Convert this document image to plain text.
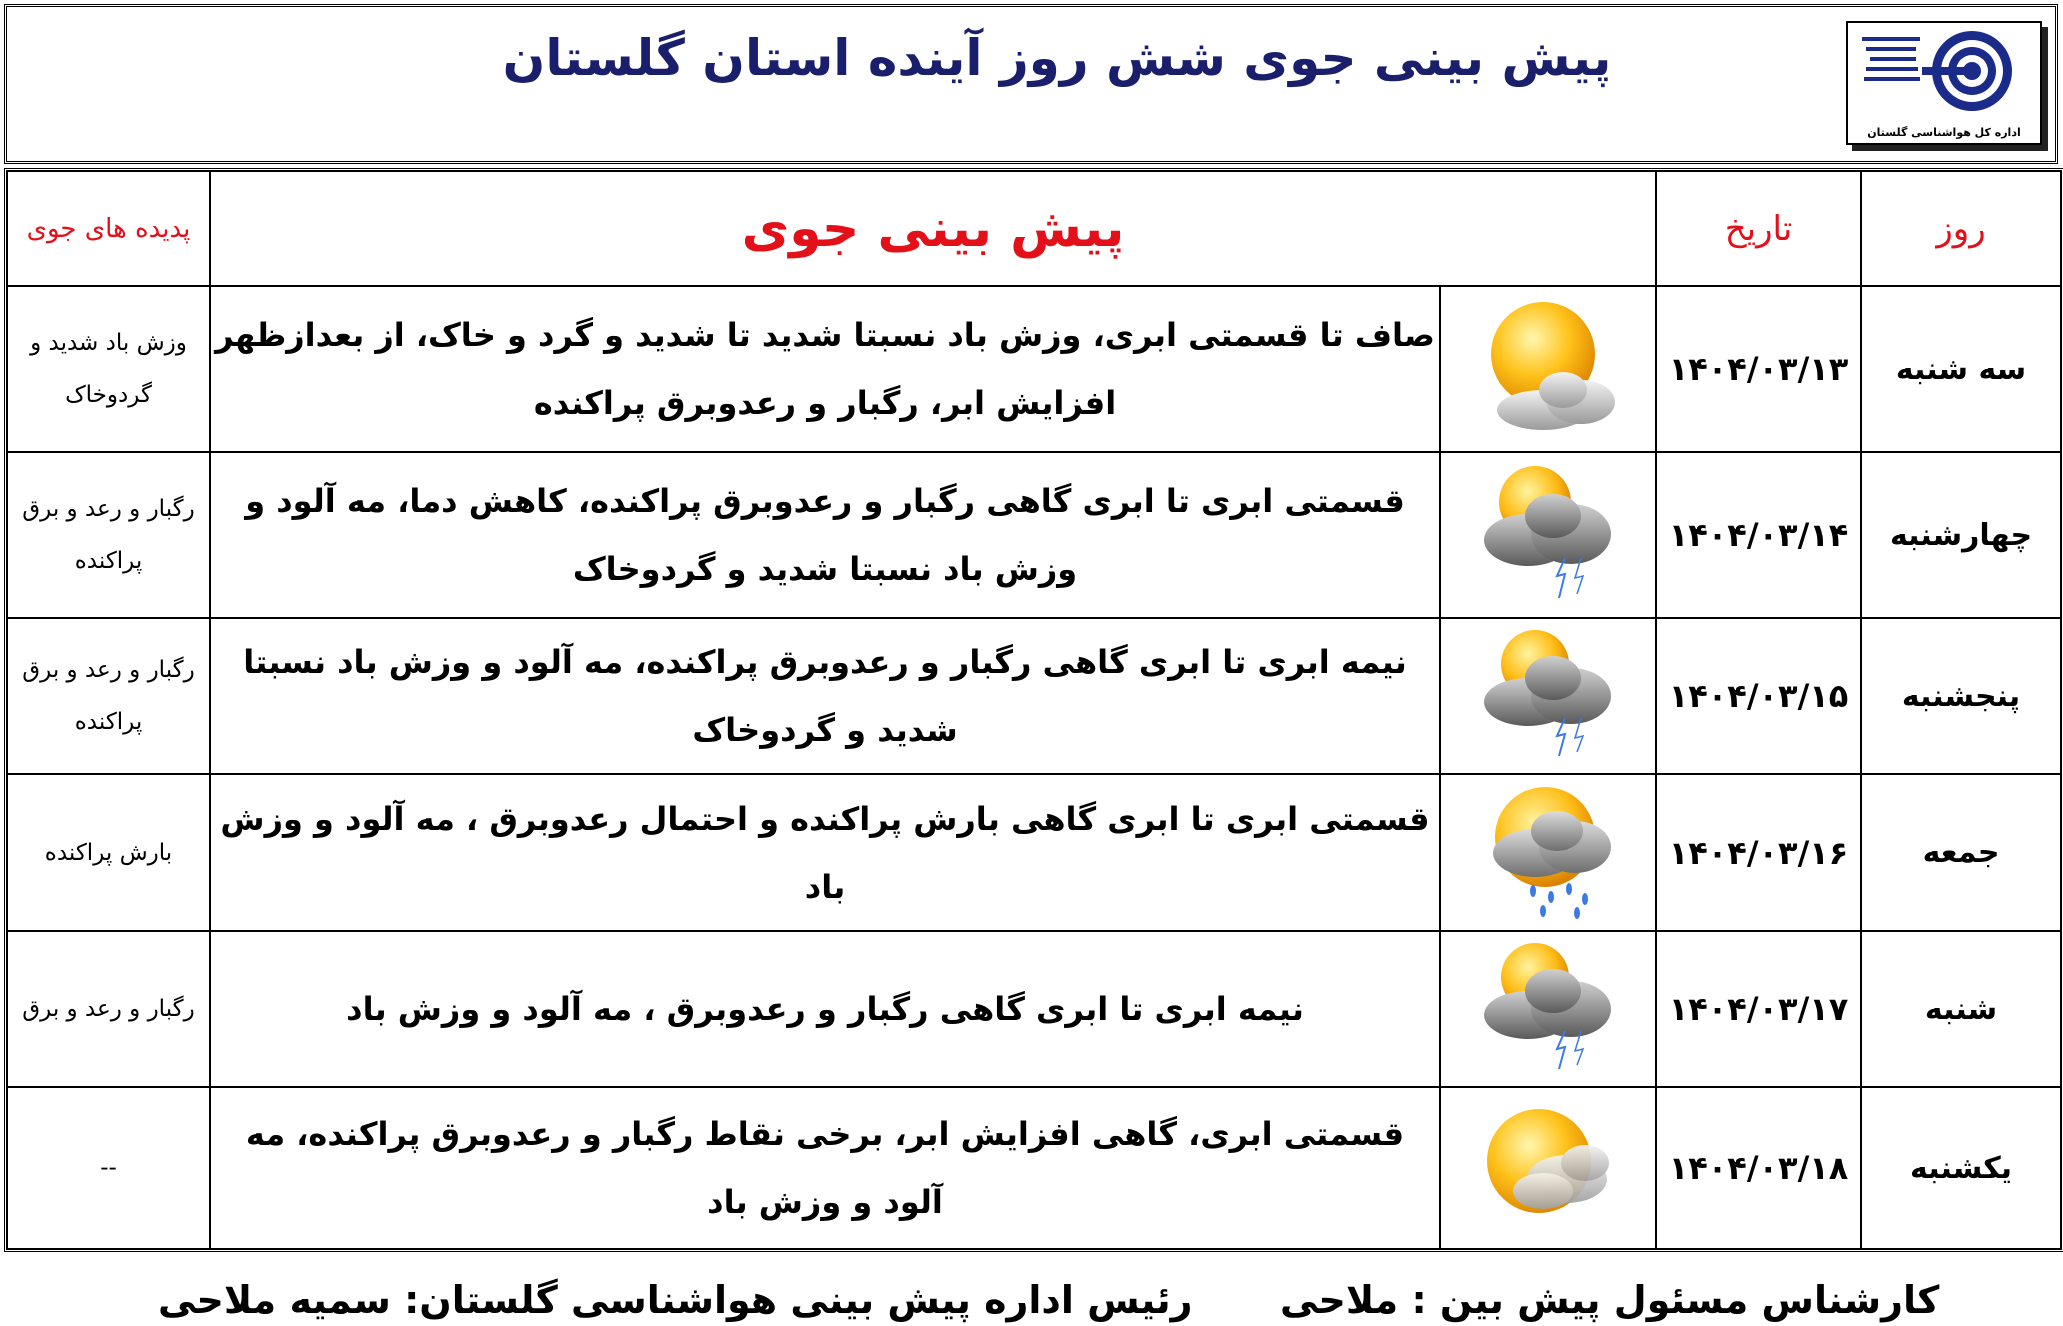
پیش بینی جوی شش روز آینده استان گلستان
اداره کل هواشناسی گلستان
روز	تاریخ	پیش بینی جوی		پدیده های جوی
سه شنبه	۱۴۰۴/۰۳/۱۳		صاف تا قسمتی ابری، وزش باد نسبتا شدید تا شدید و گرد و خاک، از بعدازظهر افزایش ابر، رگبار و رعدوبرق پراکنده	وزش باد شدید و گردوخاک
چهارشنبه	۱۴۰۴/۰۳/۱۴		قسمتی ابری تا ابری گاهی رگبار و رعدوبرق پراکنده، کاهش دما، مه آلود و وزش باد نسبتا شدید و گردوخاک	رگبار و رعد و برق پراکنده
پنجشنبه	۱۴۰۴/۰۳/۱۵		نیمه ابری تا ابری گاهی رگبار و رعدوبرق پراکنده، مه آلود و وزش باد نسبتا شدید و گردوخاک	رگبار و رعد و برق پراکنده
جمعه	۱۴۰۴/۰۳/۱۶		قسمتی ابری تا ابری گاهی بارش پراکنده و احتمال رعدوبرق ، مه آلود و وزش باد	بارش پراکنده
شنبه	۱۴۰۴/۰۳/۱۷		نیمه ابری تا ابری گاهی رگبار و رعدوبرق ، مه آلود و وزش باد	رگبار و رعد و برق
یکشنبه	۱۴۰۴/۰۳/۱۸		قسمتی ابری، گاهی افزایش ابر، برخی نقاط رگبار و رعدوبرق پراکنده، مه آلود و وزش باد	--
کارشناس مسئول پیش بین : ملاحی
رئیس اداره پیش بینی هواشناسی گلستان: سمیه ملاحی
